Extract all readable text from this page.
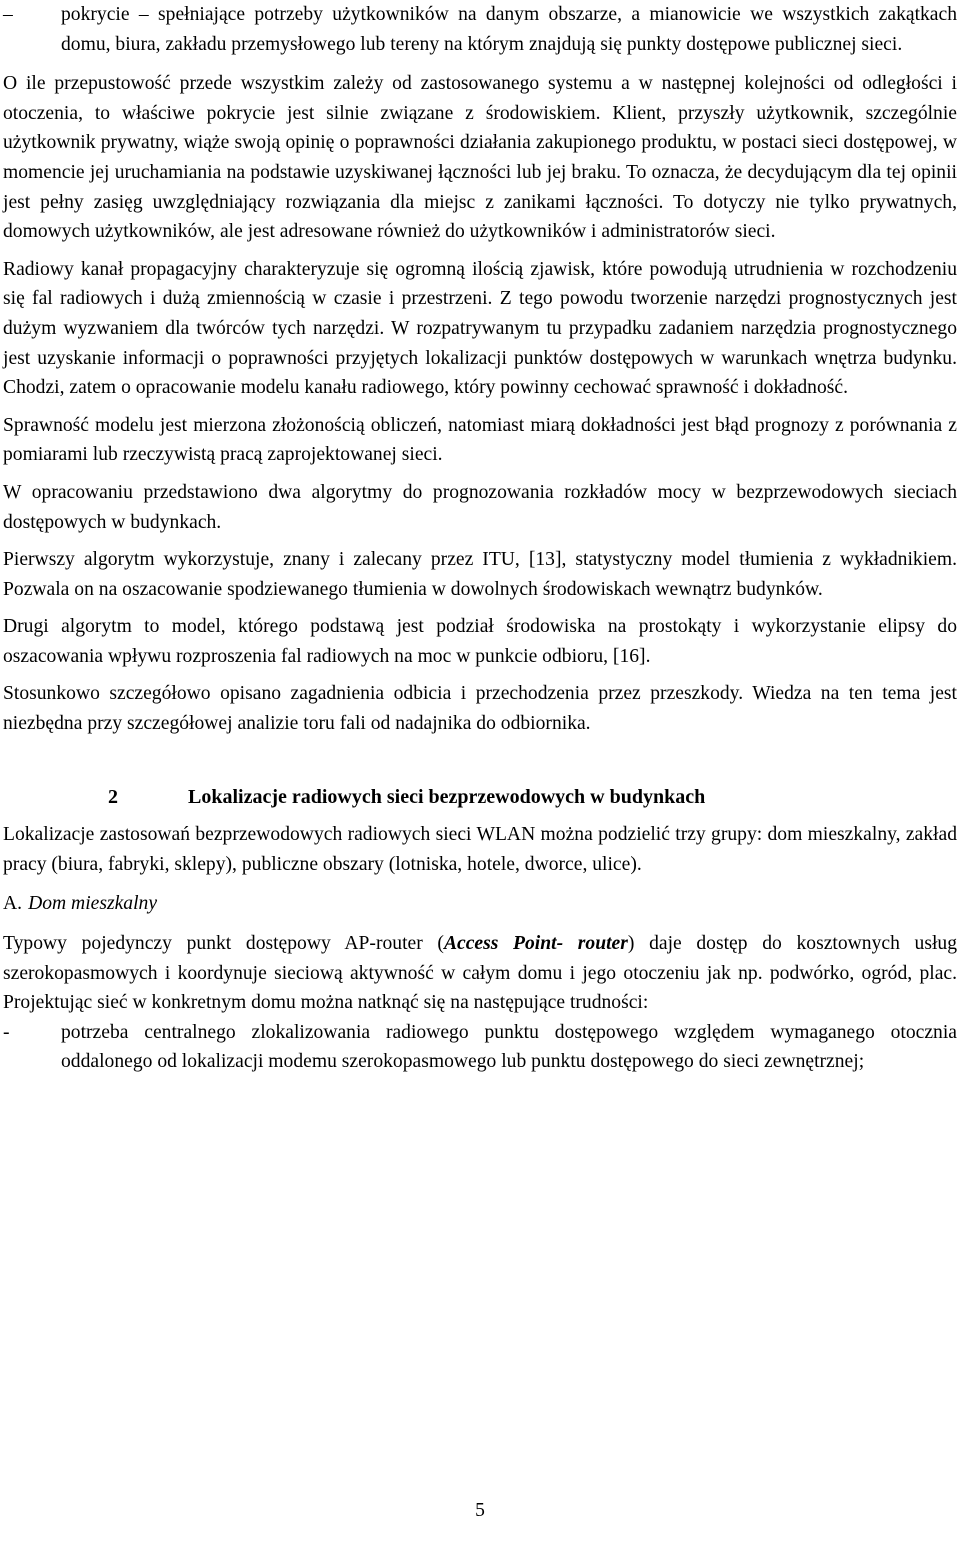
– pokrycie – spełniające potrzeby użytkowników na danym obszarze, a mianowicie we wszystkich zakątkach domu, biura, zakładu przemysłowego lub tereny na którym znajdują się punkty dostępowe publicznej sieci.

O ile przepustowość przede wszystkim zależy od zastosowanego systemu a w następnej kolejności od odległości i otoczenia, to właściwe pokrycie jest silnie związane z środowiskiem. Klient, przyszły użytkownik, szczególnie użytkownik prywatny, wiąże swoją opinię o poprawności działania zakupionego produktu, w postaci sieci dostępowej, w momencie jej uruchamiania na podstawie uzyskiwanej łączności lub jej braku. To oznacza, że decydującym dla tej opinii jest pełny zasięg uwzględniający rozwiązania dla miejsc z zanikami łączności. To dotyczy nie tylko prywatnych, domowych użytkowników, ale jest adresowane również do użytkowników i administratorów sieci.

Radiowy kanał propagacyjny charakteryzuje się ogromną ilością zjawisk, które powodują utrudnienia w rozchodzeniu się fal radiowych i dużą zmiennością w czasie i przestrzeni. Z tego powodu tworzenie narzędzi prognostycznych jest dużym wyzwaniem dla twórców tych narzędzi. W rozpatrywanym tu przypadku zadaniem narzędzia prognostycznego jest uzyskanie informacji o poprawności przyjętych lokalizacji punktów dostępowych w warunkach wnętrza budynku. Chodzi, zatem o opracowanie modelu kanału radiowego, który powinny cechować sprawność i dokładność.

Sprawność modelu jest mierzona złożonością obliczeń, natomiast miarą dokładności jest błąd prognozy z porównania z pomiarami lub rzeczywistą pracą zaprojektowanej sieci.

W opracowaniu przedstawiono dwa algorytmy do prognozowania rozkładów mocy w bezprzewodowych sieciach dostępowych w budynkach.

Pierwszy algorytm wykorzystuje, znany i zalecany przez ITU, [13], statystyczny model tłumienia z wykładnikiem. Pozwala on na oszacowanie spodziewanego tłumienia w dowolnych środowiskach wewnątrz budynków.

Drugi algorytm to model, którego podstawą jest podział środowiska na prostokąty i wykorzystanie elipsy do oszacowania wpływu rozproszenia fal radiowych na moc w punkcie odbioru, [16].

Stosunkowo szczegółowo opisano zagadnienia odbicia i przechodzenia przez przeszkody. Wiedza na ten tema jest niezbędna przy szczegółowej analizie toru fali od nadajnika do odbiornika.

2	Lokalizacje radiowych sieci bezprzewodowych w budynkach

Lokalizacje zastosowań bezprzewodowych radiowych sieci WLAN można podzielić trzy grupy: dom mieszkalny, zakład pracy (biura, fabryki, sklepy), publiczne obszary (lotniska, hotele, dworce, ulice).

A. Dom mieszkalny

Typowy pojedynczy punkt dostępowy AP-router (Access Point- router) daje dostęp do kosztownych usług szerokopasmowych i koordynuje sieciową aktywność w całym domu i jego otoczeniu jak np. podwórko, ogród, plac. Projektując sieć w konkretnym domu można natknąć się na następujące trudności:

-	potrzeba centralnego zlokalizowania radiowego punktu dostępowego względem wymaganego otocznia oddalonego od lokalizacji modemu szerokopasmowego lub punktu dostępowego do sieci zewnętrznej;
5
